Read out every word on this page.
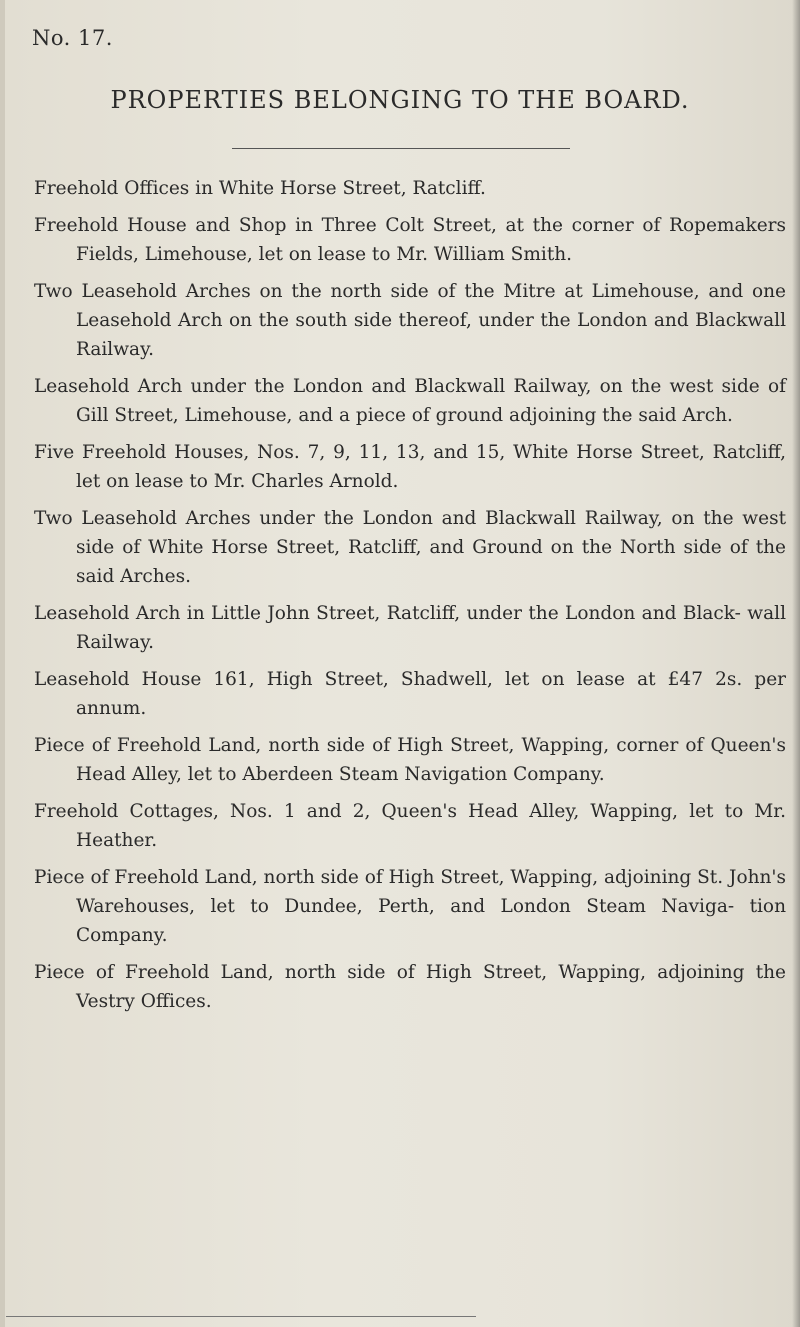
No. 17.
PROPERTIES BELONGING TO THE BOARD.
Freehold Offices in White Horse Street, Ratcliff.
Freehold House and Shop in Three Colt Street, at the corner of Ropemakers Fields, Limehouse, let on lease to Mr. William Smith.
Two Leasehold Arches on the north side of the Mitre at Limehouse, and one Leasehold Arch on the south side thereof, under the London and Blackwall Railway.
Leasehold Arch under the London and Blackwall Railway, on the west side of Gill Street, Limehouse, and a piece of ground adjoining the said Arch.
Five Freehold Houses, Nos. 7, 9, 11, 13, and 15, White Horse Street, Ratcliff, let on lease to Mr. Charles Arnold.
Two Leasehold Arches under the London and Blackwall Railway, on the west side of White Horse Street, Ratcliff, and Ground on the North side of the said Arches.
Leasehold Arch in Little John Street, Ratcliff, under the London and Black- wall Railway.
Leasehold House 161, High Street, Shadwell, let on lease at £47 2s. per annum.
Piece of Freehold Land, north side of High Street, Wapping, corner of Queen's Head Alley, let to Aberdeen Steam Navigation Company.
Freehold Cottages, Nos. 1 and 2, Queen's Head Alley, Wapping, let to Mr. Heather.
Piece of Freehold Land, north side of High Street, Wapping, adjoining St. John's Warehouses, let to Dundee, Perth, and London Steam Naviga- tion Company.
Piece of Freehold Land, north side of High Street, Wapping, adjoining the Vestry Offices.
